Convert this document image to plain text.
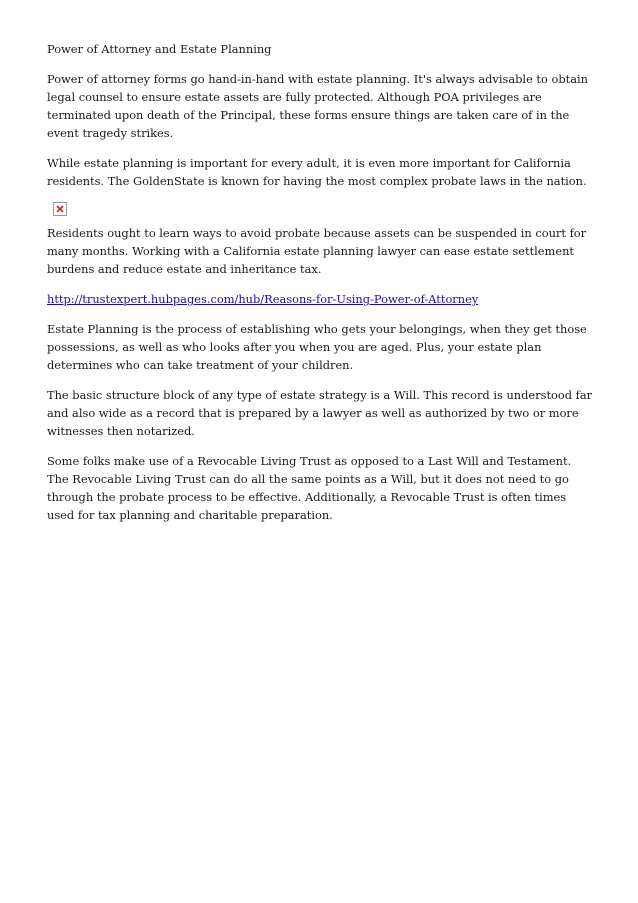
Power of Attorney and Estate Planning

Power of attorney forms go hand-in-hand with estate planning. It's always advisable to obtain legal counsel to ensure estate assets are fully protected. Although POA privileges are terminated upon death of the Principal, these forms ensure things are taken care of in the event tragedy strikes.

While estate planning is important for every adult, it is even more important for California residents. The GoldenState is known for having the most complex probate laws in the nation.

Residents ought to learn ways to avoid probate because assets can be suspended in court for many months. Working with a California estate planning lawyer can ease estate settlement burdens and reduce estate and inheritance tax.

http://trustexpert.hubpages.com/hub/Reasons-for-Using-Power-of-Attorney

Estate Planning is the process of establishing who gets your belongings, when they get those possessions, as well as who looks after you when you are aged. Plus, your estate plan determines who can take treatment of your children.

The basic structure block of any type of estate strategy is a Will. This record is understood far and also wide as a record that is prepared by a lawyer as well as authorized by two or more witnesses then notarized.

Some folks make use of a Revocable Living Trust as opposed to a Last Will and Testament. The Revocable Living Trust can do all the same points as a Will, but it does not need to go through the probate process to be effective. Additionally, a Revocable Trust is often times used for tax planning and charitable preparation.
